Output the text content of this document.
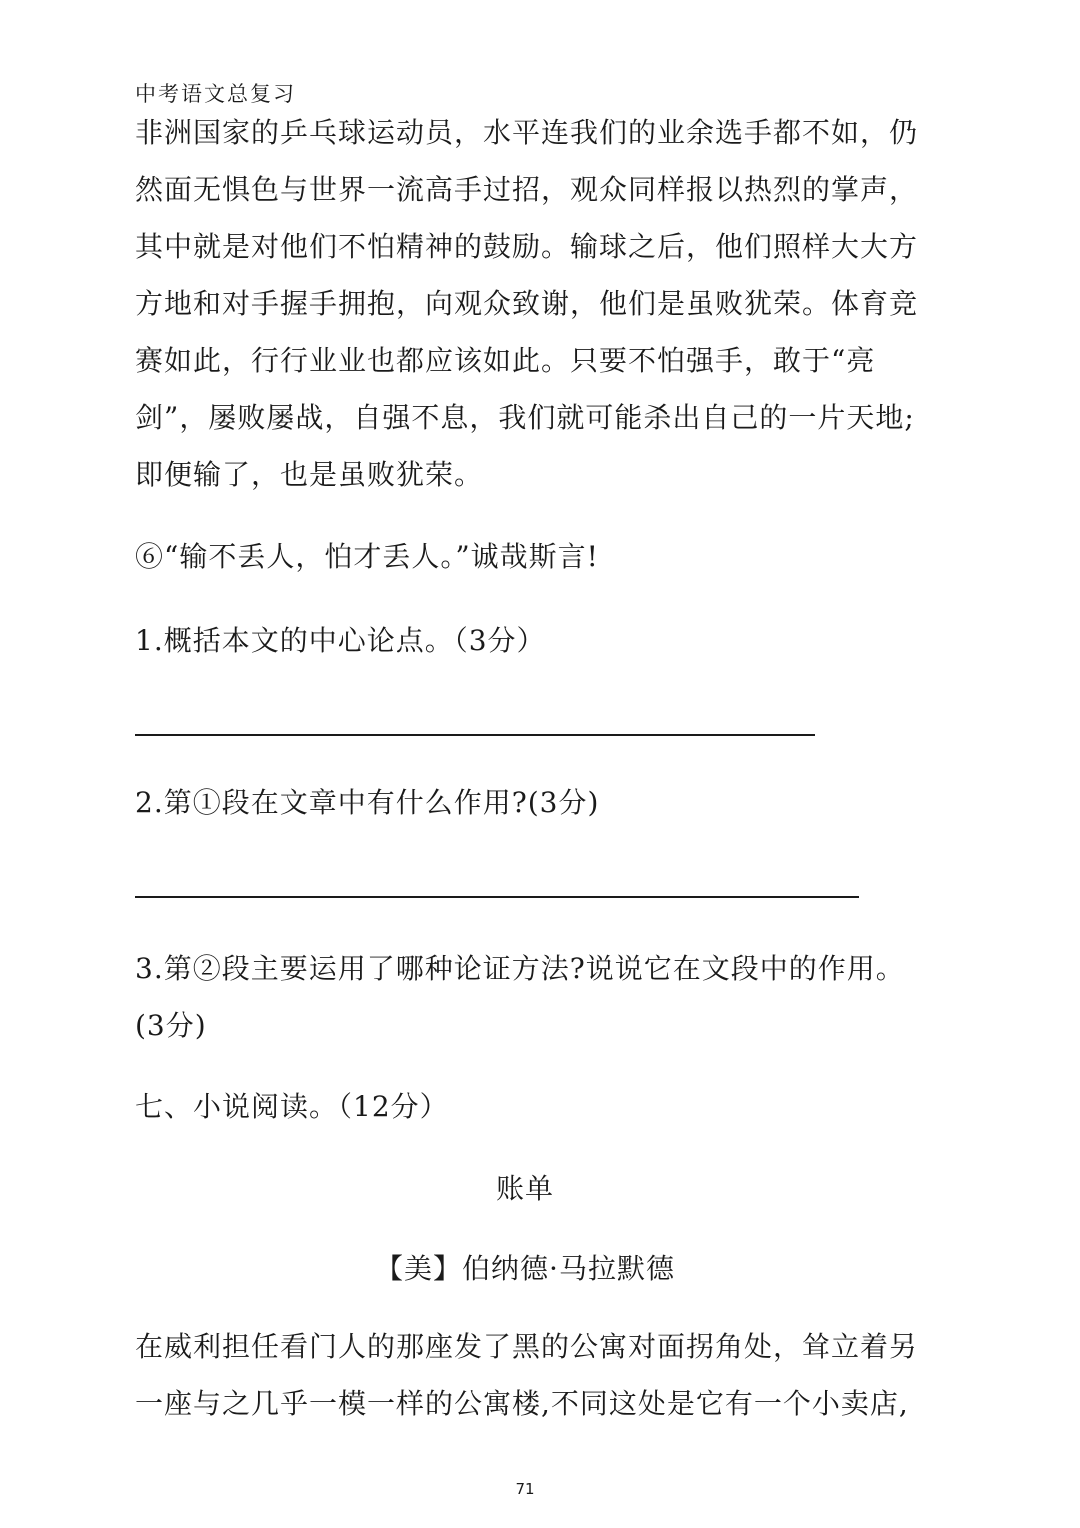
中考语文总复习

非洲国家的乒乓球运动员，水平连我们的业余选手都不如，仍然面无惧色与世界一流高手过招，观众同样报以热烈的掌声，其中就是对他们不怕精神的鼓励。输球之后，他们照样大大方方地和对手握手拥抱，向观众致谢，他们是虽败犹荣。体育竞赛如此，行行业业也都应该如此。只要不怕强手，敢于“亮剑”，屡败屡战，自强不息，我们就可能杀出自己的一片天地;即便输了，也是虽败犹荣。

⑥“输不丢人，怕才丢人。”诚哉斯言!

1.概括本文的中心论点。（3分）

2.第①段在文章中有什么作用?(3分)

3.第②段主要运用了哪种论证方法?说说它在文段中的作用。(3分)

七、小说阅读。（12分）

账单
【美】伯纳德·马拉默德

在威利担任看门人的那座发了黑的公寓对面拐角处，耸立着另一座与之几乎一模一样的公寓楼,不同这处是它有一个小卖店,

71
